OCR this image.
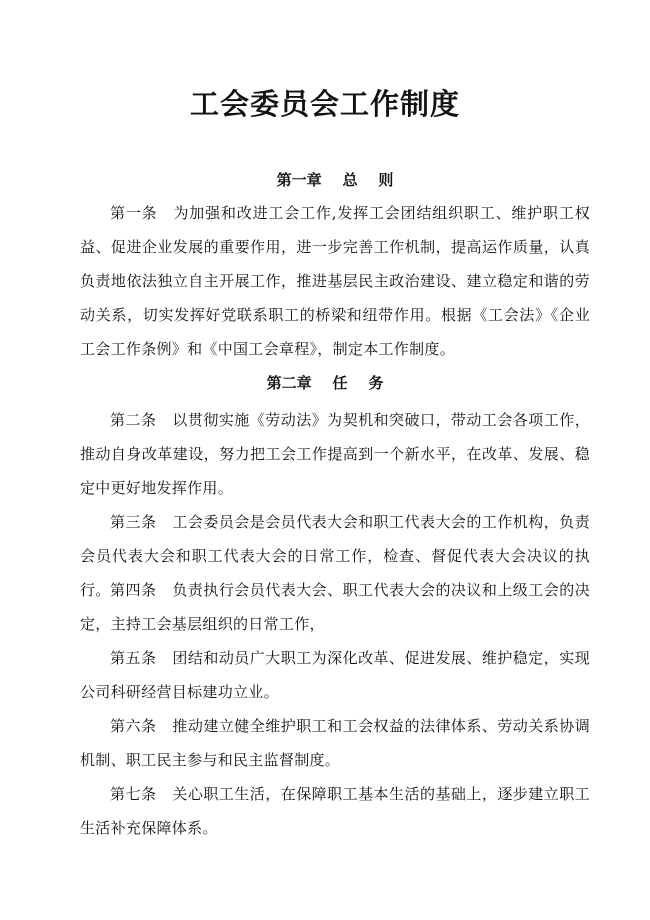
工会委员会工作制度
第一章    总    则

第一条 为加强和改进工会工作,发挥工会团结组织职工、维护职工权益、促进企业发展的重要作用，进一步完善工作机制，提高运作质量，认真负责地依法独立自主开展工作，推进基层民主政治建设、建立稳定和谐的劳动关系，切实发挥好党联系职工的桥梁和纽带作用。根据《工会法》《企业工会工作条例》和《中国工会章程》，制定本工作制度。

第二章    任    务

第二条 以贯彻实施《劳动法》为契机和突破口，带动工会各项工作，推动自身改革建设，努力把工会工作提高到一个新水平，在改革、发展、稳定中更好地发挥作用。

第三条 工会委员会是会员代表大会和职工代表大会的工作机构，负责会员代表大会和职工代表大会的日常工作，检查、督促代表大会决议的执行。 第四条 负责执行会员代表大会、职工代表大会的决议和上级工会的决定，主持工会基层组织的日常工作，

第五条 团结和动员广大职工为深化改革、促进发展、维护稳定，实现公司科研经营目标建功立业。

第六条 推动建立健全维护职工和工会权益的法律体系、劳动关系协调机制、职工民主参与和民主监督制度。

第七条 关心职工生活，在保障职工基本生活的基础上，逐步建立职工生活补充保障体系。
